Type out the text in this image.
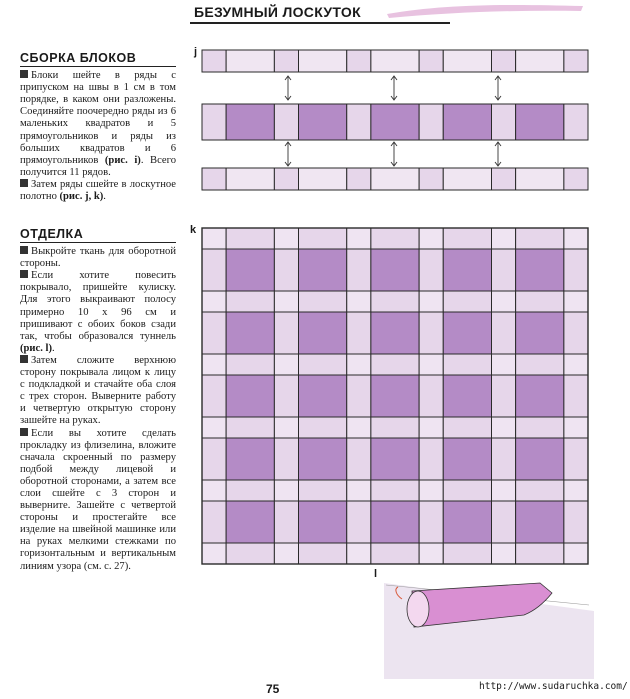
БЕЗУМНЫЙ ЛОСКУТОК
СБОРКА БЛОКОВ

Блоки шейте в ряды с припуском на швы в 1 см в том порядке, в каком они разложены. Соединяйте поочередно ряды из 6 маленьких квадратов и 5 прямоугольников и ряды из больших квадратов и 6 прямоугольников (рис. i). Всего получится 11 рядов.

Затем ряды сшейте в лоскутное полотно (рис. j, k).

ОТДЕЛКА

Выкройте ткань для оборотной стороны.

Если хотите повесить покрывало, пришейте кулиску. Для этого выкраивают полосу примерно 10 x 96 см и пришивают с обоих боков сзади так, чтобы образовался туннель (рис. l).

Затем сложите верхнюю сторону покрывала лицом к лицу с подкладкой и стачайте оба слоя с трех сторон. Выверните работу и четвертую открытую сторону зашейте на руках.

Если вы хотите сделать прокладку из флизелина, вложите сначала скроенный по размеру подбой между лицевой и оборотной сторонами, а затем все слои сшейте с 3 сторон и выверните. Зашейте с четвертой стороны и простегайте все изделие на швейной машинке или на руках мелкими стежками по горизонтальным и вертикальным линиям узора (см. с. 27).

j
k
l
75	http://www.sudaruchka.com/
